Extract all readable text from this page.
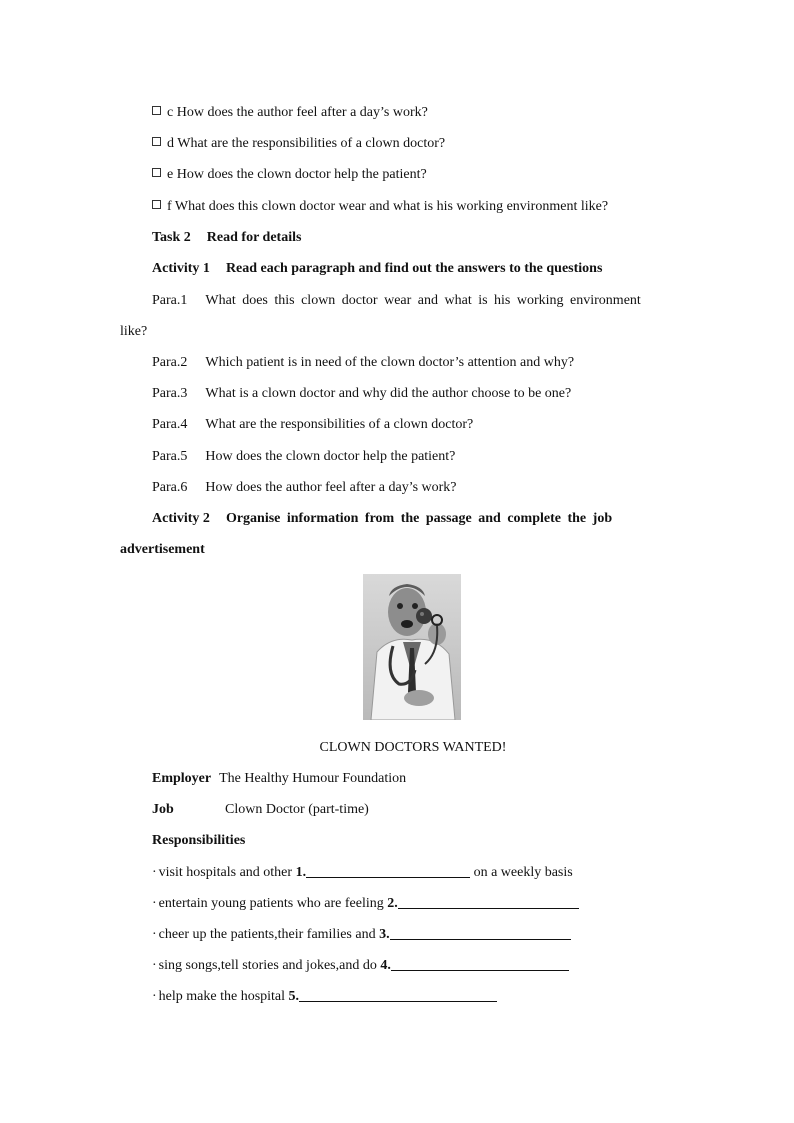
c How does the author feel after a day’s work?
d What are the responsibilities of a clown doctor?
e How does the clown doctor help the patient?
f What does this clown doctor wear and what is his working environment like?
Task 2 Read for details
Activity 1 Read each paragraph and find out the answers to the questions
Para.1 What does this clown doctor wear and what is his working environment
like?
Para.2 Which patient is in need of the clown doctor’s attention and why?
Para.3 What is a clown doctor and why did the author choose to be one?
Para.4 What are the responsibilities of a clown doctor?
Para.5 How does the clown doctor help the patient?
Para.6 How does the author feel after a day’s work?
Activity 2 Organise information from the passage and complete the job
advertisement
CLOWN DOCTORS WANTED!
Employer The Healthy Humour Foundation
Job	Clown Doctor (part-time)
Responsibilities
· visit hospitals and other 1.	on a weekly basis
· entertain young patients who are feeling 2.
· cheer up the patients,their families and 3.
· sing songs,tell stories and jokes,and do 4.
· help make the hospital 5.
